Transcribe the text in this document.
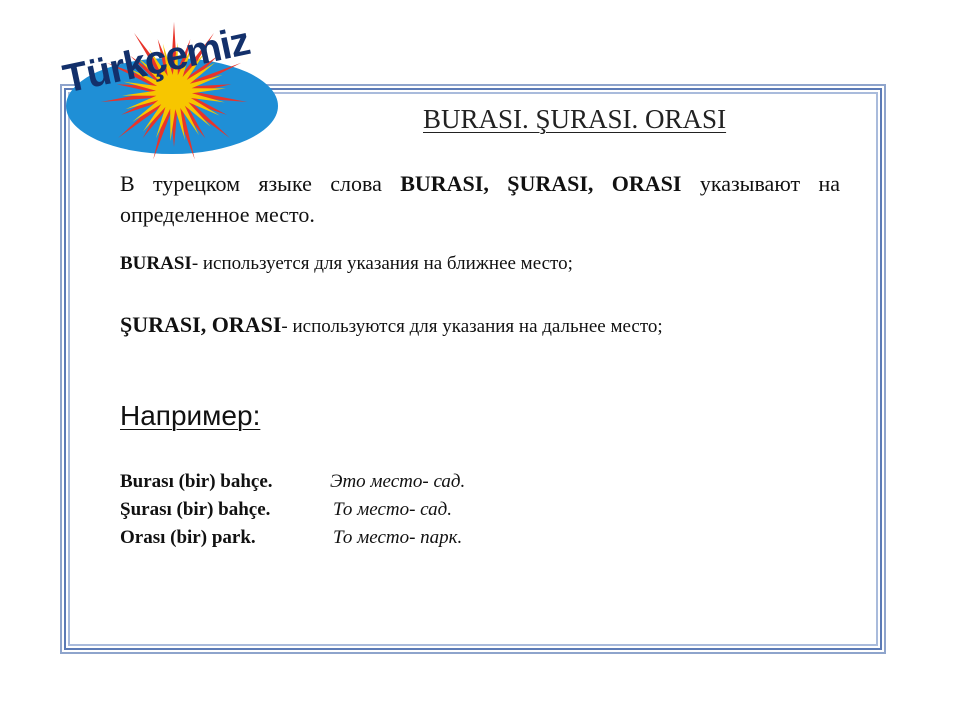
Türkçemiz
BURASI. ŞURASI. ORASI
В турецком языке слова BURASI, ŞURASI, ORASI указывают на определенное место.
BURASI- используется для указания на ближнее место;
ŞURASI, ORASI- используются для указания на дальнее место;
Например:
Burası (bir) bahçe.	Это место- сад.
Şurası (bir) bahçe.	То место- сад.
Orası (bir) park.	То место- парк.
